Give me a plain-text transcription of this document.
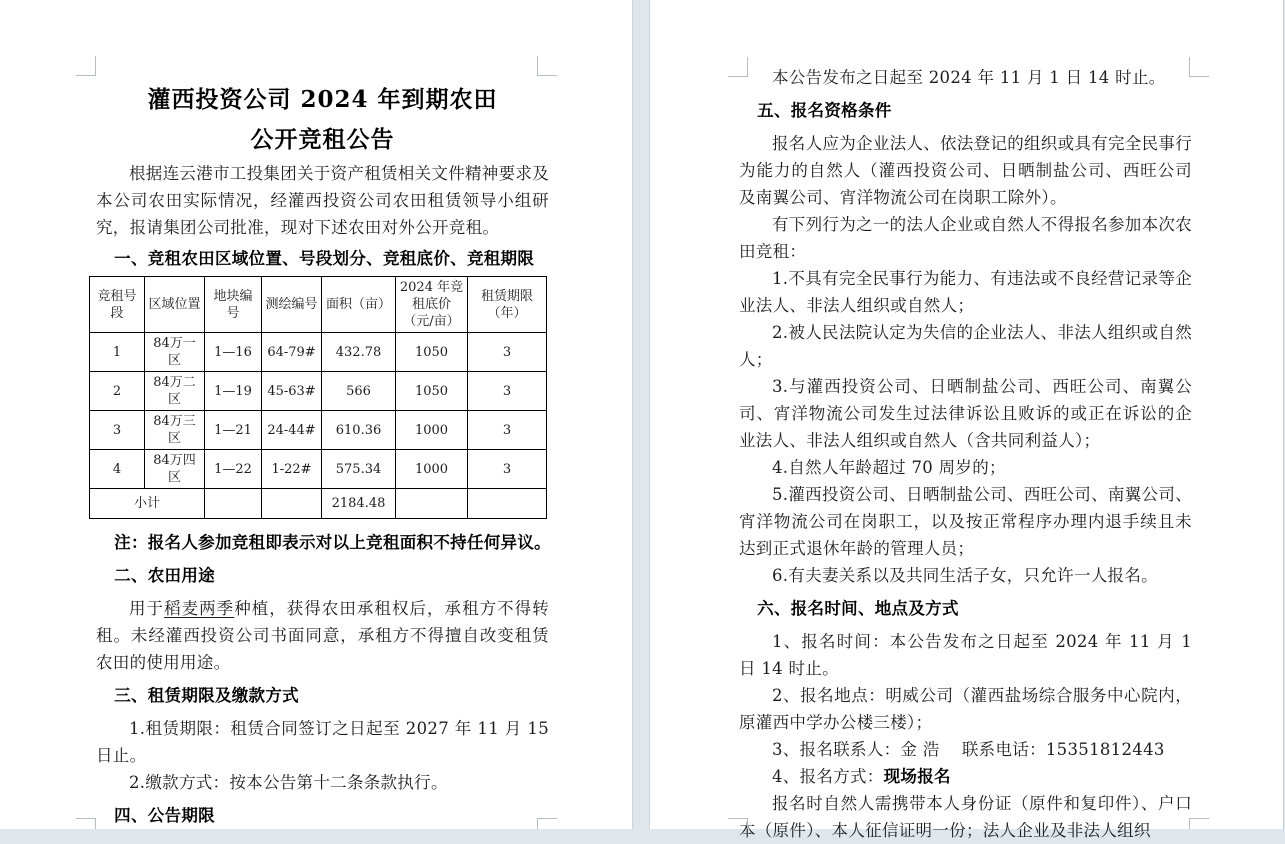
灌西投资公司 2024 年到期农田
公开竞租公告

根据连云港市工投集团关于资产租赁相关文件精神要求及本公司农田实际情况，经灌西投资公司农田租赁领导小组研究，报请集团公司批准，现对下述农田对外公开竞租。

一、竞租农田区域位置、号段划分、竞租底价、竞租期限
竞租号段	区域位置	地块编号	测绘编号	面积（亩）	2024 年竞租底价（元/亩）	租赁期限（年）
1	84万一区	1—16	64-79#	432.78	1050	3
2	84万二区	1—19	45-63#	566	1050	3
3	84万三区	1—21	24-44#	610.36	1000	3
4	84万四区	1—22	1-22#	575.34	1000	3
小计				2184.48		

注：报名人参加竞租即表示对以上竞租面积不持任何异议。

二、农田用途

用于稻麦两季种植，获得农田承租权后，承租方不得转租。未经灌西投资公司书面同意，承租方不得擅自改变租赁农田的使用用途。

三、租赁期限及缴款方式

1.租赁期限：租赁合同签订之日起至 2027 年 11 月 15 日止。

2.缴款方式：按本公告第十二条条款执行。

四、公告期限

本公告发布之日起至 2024 年 11 月 1 日 14 时止。

五、报名资格条件

报名人应为企业法人、依法登记的组织或具有完全民事行为能力的自然人（灌西投资公司、日晒制盐公司、西旺公司及南翼公司、宵洋物流公司在岗职工除外）。

有下列行为之一的法人企业或自然人不得报名参加本次农田竞租：

1.不具有完全民事行为能力、有违法或不良经营记录等企业法人、非法人组织或自然人；

2.被人民法院认定为失信的企业法人、非法人组织或自然人；

3.与灌西投资公司、日晒制盐公司、西旺公司、南翼公司、宵洋物流公司发生过法律诉讼且败诉的或正在诉讼的企业法人、非法人组织或自然人（含共同利益人）；

4.自然人年龄超过 70 周岁的；

5.灌西投资公司、日晒制盐公司、西旺公司、南翼公司、宵洋物流公司在岗职工，以及按正常程序办理内退手续且未达到正式退休年龄的管理人员；

6.有夫妻关系以及共同生活子女，只允许一人报名。

六、报名时间、地点及方式

1、报名时间：本公告发布之日起至 2024 年 11 月 1 日 14 时止。

2、报名地点：明威公司（灌西盐场综合服务中心院内，原灌西中学办公楼三楼）；

3、报名联系人：金 浩　 联系电话：15351812443

4、报名方式：现场报名

报名时自然人需携带本人身份证（原件和复印件）、户口本（原件）、本人征信证明一份；法人企业及非法人组织
